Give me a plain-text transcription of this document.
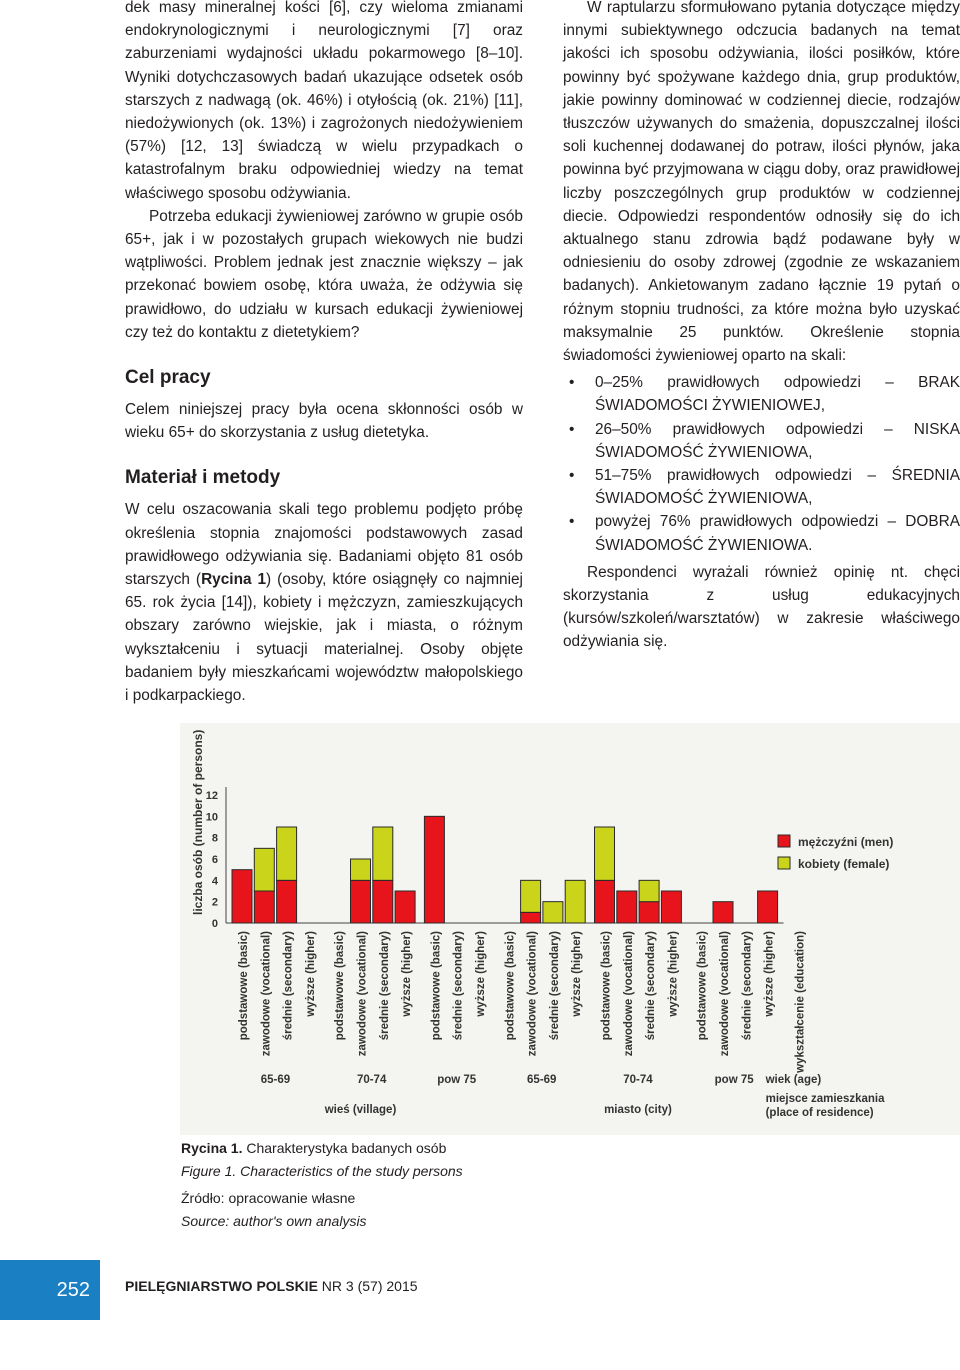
dek masy mineralnej kości [6], czy wieloma zmianami endokrynologicznymi i neurologicznymi [7] oraz zaburzeniami wydajności układu pokarmowego [8–10]. Wyniki dotychczasowych badań ukazujące odsetek osób starszych z nadwagą (ok. 46%) i otyłością (ok. 21%) [11], niedożywionych (ok. 13%) i zagrożonych niedożywieniem (57%) [12, 13] świadczą w wielu przypadkach o katastrofalnym braku odpowiedniej wiedzy na temat właściwego sposobu odżywiania.

Potrzeba edukacji żywieniowej zarówno w grupie osób 65+, jak i w pozostałych grupach wiekowych nie budzi wątpliwości. Problem jednak jest znacznie większy – jak przekonać bowiem osobę, która uważa, że odżywia się prawidłowo, do udziału w kursach edukacji żywieniowej czy też do kontaktu z dietetykiem?

Cel pracy

Celem niniejszej pracy była ocena skłonności osób w wieku 65+ do skorzystania z usług dietetyka.

Materiał i metody

W celu oszacowania skali tego problemu podjęto próbę określenia stopnia znajomości podstawowych zasad prawidłowego odżywiania się. Badaniami objęto 81 osób starszych (Rycina 1) (osoby, które osiągnęły co najmniej 65. rok życia [14]), kobiety i mężczyzn, zamieszkujących obszary zarówno wiejskie, jak i miasta, o różnym wykształceniu i sytuacji materialnej. Osoby objęte badaniem były mieszkańcami województw małopolskiego i podkarpackiego.

W raptularzu sformułowano pytania dotyczące między innymi subiektywnego odczucia badanych na temat jakości ich sposobu odżywiania, ilości posiłków, które powinny być spożywane każdego dnia, grup produktów, jakie powinny dominować w codziennej diecie, rodzajów tłuszczów używanych do smażenia, dopuszczalnej ilości soli kuchennej dodawanej do potraw, ilości płynów, jaka powinna być przyjmowana w ciągu doby, oraz prawidłowej liczby poszczególnych grup produktów w codziennej diecie. Odpowiedzi respondentów odnosiły się do ich aktualnego stanu zdrowia bądź podawane były w odniesieniu do osoby zdrowej (zgodnie ze wskazaniem badanych). Ankietowanym zadano łącznie 19 pytań o różnym stopniu trudności, za które można było uzyskać maksymalnie 25 punktów. Określenie stopnia świadomości żywieniowej oparto na skali:

• 0–25% prawidłowych odpowiedzi – BRAK ŚWIADOMOŚCI ŻYWIENIOWEJ,
• 26–50% prawidłowych odpowiedzi – NISKA ŚWIADOMOŚĆ ŻYWIENIOWA,
• 51–75% prawidłowych odpowiedzi – ŚREDNIA ŚWIADOMOŚĆ ŻYWIENIOWA,
• powyżej 76% prawidłowych odpowiedzi – DOBRA ŚWIADOMOŚĆ ŻYWIENIOWA.

Respondenci wyrażali również opinię nt. chęci skorzystania z usług edukacyjnych (kursów/szkoleń/warsztatów) w zakresie właściwego odżywiania się.

0
2
4
6
8
10
12
liczba osób (number of persons)
podstawowe (basic) zawodowe (vocational) średnie (secondary) wyższe (higher) podstawowe (basic) zawodowe (vocational) średnie (secondary) wyższe (higher) podstawowe (basic) średnie (secondary) wyższe (higher) podstawowe (basic) zawodowe (vocational) średnie (secondary) wyższe (higher) podstawowe (basic) zawodowe (vocational) średnie (secondary) wyższe (higher) podstawowe (basic) zawodowe (vocational) średnie (secondary) wyższe (higher) wykształcenie (education)
65-69	70-74	pow 75	65-69	70-74	pow 75 wiek (age)
wieś (village)	miasto (city)
miejsce zamieszkania
(place of residence)
mężczyźni (men)
kobiety (female)
Rycina 1. Charakterystyka badanych osób
Figure 1. Characteristics of the study persons
Źródło: opracowanie własne
Source: author's own analysis
252	PIELĘGNIARSTWO POLSKIE NR 3 (57) 2015
